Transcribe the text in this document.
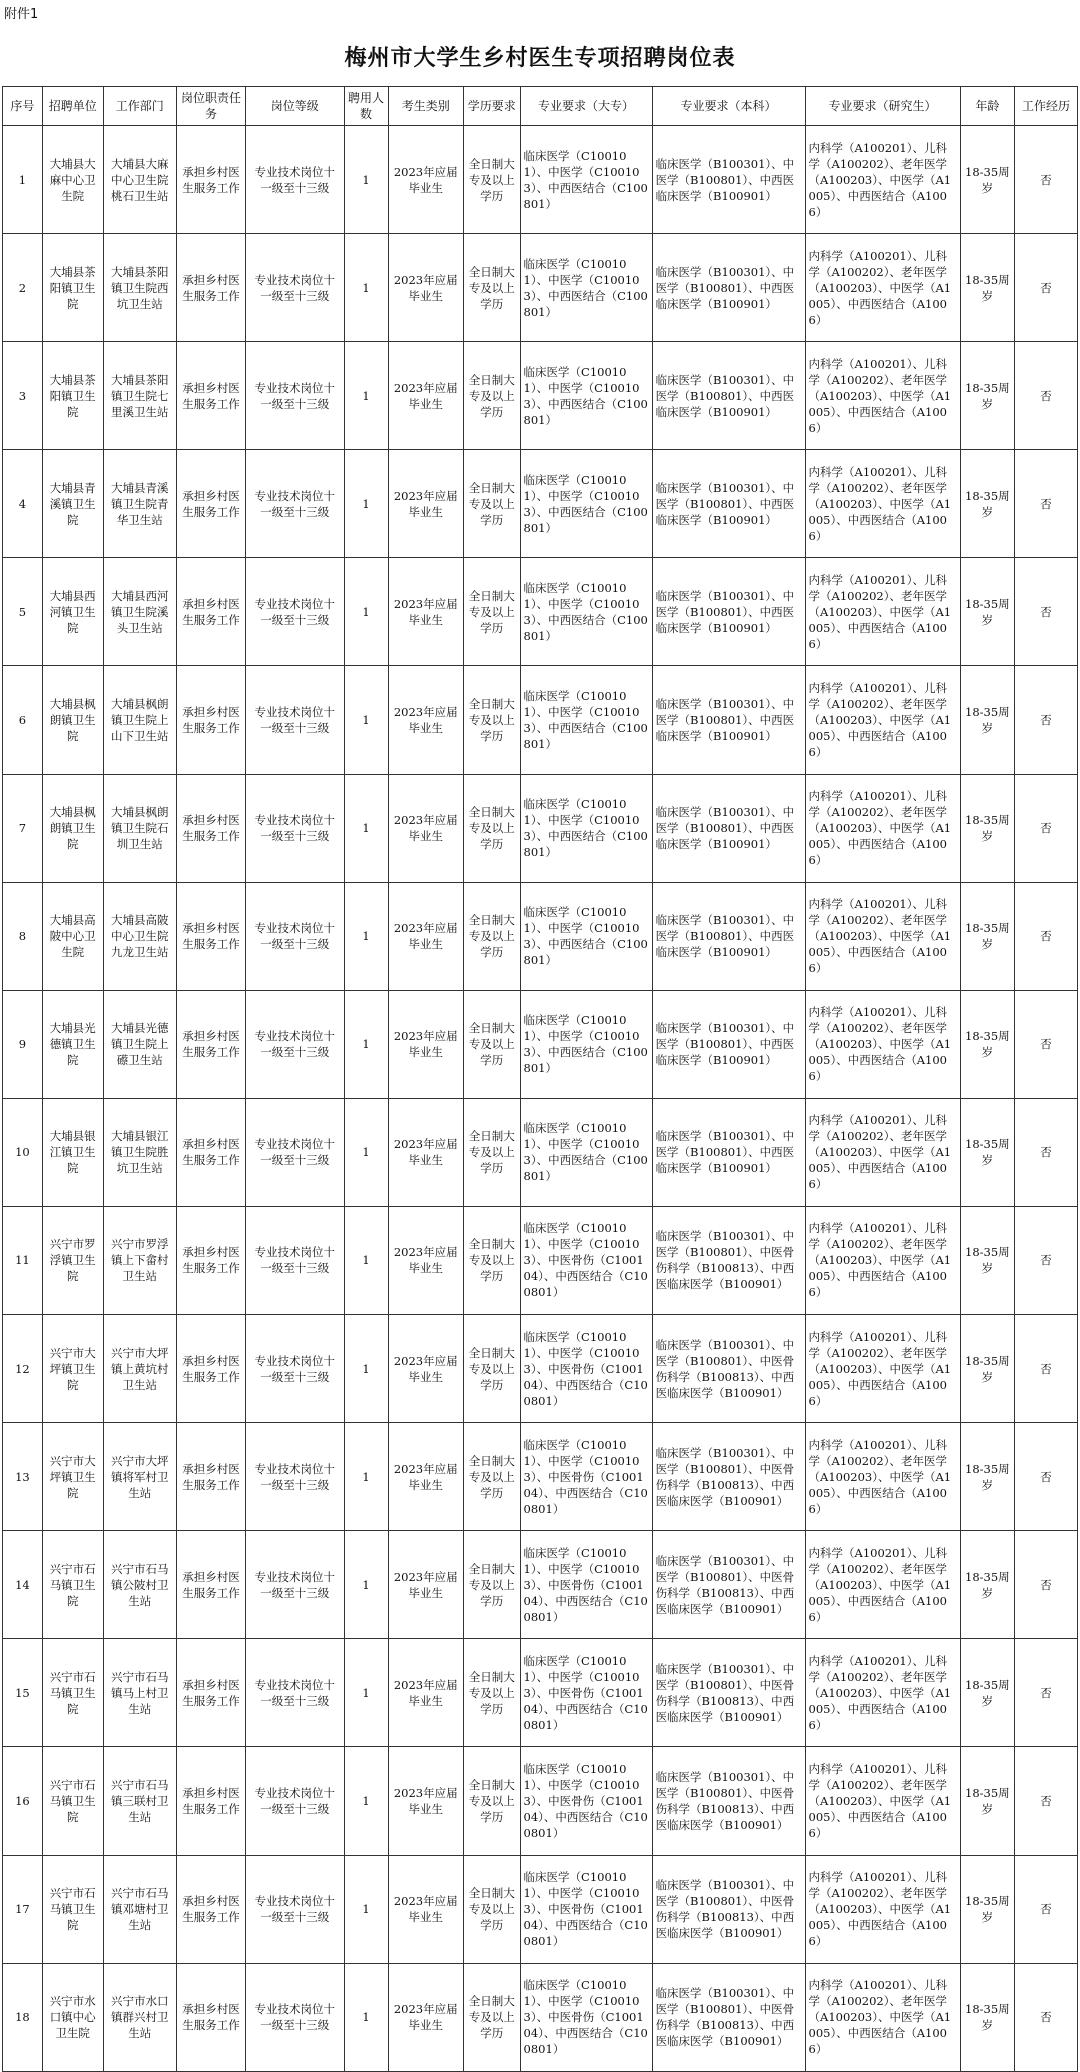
附件1
梅州市大学生乡村医生专项招聘岗位表
序号	招聘单位	工作部门	岗位职责任务	岗位等级	聘用人数	考生类别	学历要求	专业要求（大专）	专业要求（本科）	专业要求（研究生）	年龄	工作经历
1	大埔县大麻中心卫生院	大埔县大麻中心卫生院桃石卫生站	承担乡村医生服务工作	专业技术岗位十一级至十三级	1	2023年应届毕业生	全日制大专及以上学历	临床医学（C100101）、中医学（C100103）、中西医结合（C100801）	临床医学（B100301）、中医学（B100801）、中西医临床医学（B100901）	内科学（A100201）、儿科学（A100202）、老年医学（A100203）、中医学（A1005）、中西医结合（A1006）	18-35周岁	否
2	大埔县茶阳镇卫生院	大埔县茶阳镇卫生院西坑卫生站	承担乡村医生服务工作	专业技术岗位十一级至十三级	1	2023年应届毕业生	全日制大专及以上学历	临床医学（C100101）、中医学（C100103）、中西医结合（C100801）	临床医学（B100301）、中医学（B100801）、中西医临床医学（B100901）	内科学（A100201）、儿科学（A100202）、老年医学（A100203）、中医学（A1005）、中西医结合（A1006）	18-35周岁	否
3	大埔县茶阳镇卫生院	大埔县茶阳镇卫生院七里溪卫生站	承担乡村医生服务工作	专业技术岗位十一级至十三级	1	2023年应届毕业生	全日制大专及以上学历	临床医学（C100101）、中医学（C100103）、中西医结合（C100801）	临床医学（B100301）、中医学（B100801）、中西医临床医学（B100901）	内科学（A100201）、儿科学（A100202）、老年医学（A100203）、中医学（A1005）、中西医结合（A1006）	18-35周岁	否
4	大埔县青溪镇卫生院	大埔县青溪镇卫生院青华卫生站	承担乡村医生服务工作	专业技术岗位十一级至十三级	1	2023年应届毕业生	全日制大专及以上学历	临床医学（C100101）、中医学（C100103）、中西医结合（C100801）	临床医学（B100301）、中医学（B100801）、中西医临床医学（B100901）	内科学（A100201）、儿科学（A100202）、老年医学（A100203）、中医学（A1005）、中西医结合（A1006）	18-35周岁	否
5	大埔县西河镇卫生院	大埔县西河镇卫生院溪头卫生站	承担乡村医生服务工作	专业技术岗位十一级至十三级	1	2023年应届毕业生	全日制大专及以上学历	临床医学（C100101）、中医学（C100103）、中西医结合（C100801）	临床医学（B100301）、中医学（B100801）、中西医临床医学（B100901）	内科学（A100201）、儿科学（A100202）、老年医学（A100203）、中医学（A1005）、中西医结合（A1006）	18-35周岁	否
6	大埔县枫朗镇卫生院	大埔县枫朗镇卫生院上山下卫生站	承担乡村医生服务工作	专业技术岗位十一级至十三级	1	2023年应届毕业生	全日制大专及以上学历	临床医学（C100101）、中医学（C100103）、中西医结合（C100801）	临床医学（B100301）、中医学（B100801）、中西医临床医学（B100901）	内科学（A100201）、儿科学（A100202）、老年医学（A100203）、中医学（A1005）、中西医结合（A1006）	18-35周岁	否
7	大埔县枫朗镇卫生院	大埔县枫朗镇卫生院石圳卫生站	承担乡村医生服务工作	专业技术岗位十一级至十三级	1	2023年应届毕业生	全日制大专及以上学历	临床医学（C100101）、中医学（C100103）、中西医结合（C100801）	临床医学（B100301）、中医学（B100801）、中西医临床医学（B100901）	内科学（A100201）、儿科学（A100202）、老年医学（A100203）、中医学（A1005）、中西医结合（A1006）	18-35周岁	否
8	大埔县高陂中心卫生院	大埔县高陂中心卫生院九龙卫生站	承担乡村医生服务工作	专业技术岗位十一级至十三级	1	2023年应届毕业生	全日制大专及以上学历	临床医学（C100101）、中医学（C100103）、中西医结合（C100801）	临床医学（B100301）、中医学（B100801）、中西医临床医学（B100901）	内科学（A100201）、儿科学（A100202）、老年医学（A100203）、中医学（A1005）、中西医结合（A1006）	18-35周岁	否
9	大埔县光德镇卫生院	大埔县光德镇卫生院上礤卫生站	承担乡村医生服务工作	专业技术岗位十一级至十三级	1	2023年应届毕业生	全日制大专及以上学历	临床医学（C100101）、中医学（C100103）、中西医结合（C100801）	临床医学（B100301）、中医学（B100801）、中西医临床医学（B100901）	内科学（A100201）、儿科学（A100202）、老年医学（A100203）、中医学（A1005）、中西医结合（A1006）	18-35周岁	否
10	大埔县银江镇卫生院	大埔县银江镇卫生院胜坑卫生站	承担乡村医生服务工作	专业技术岗位十一级至十三级	1	2023年应届毕业生	全日制大专及以上学历	临床医学（C100101）、中医学（C100103）、中西医结合（C100801）	临床医学（B100301）、中医学（B100801）、中西医临床医学（B100901）	内科学（A100201）、儿科学（A100202）、老年医学（A100203）、中医学（A1005）、中西医结合（A1006）	18-35周岁	否
11	兴宁市罗浮镇卫生院	兴宁市罗浮镇上下畲村卫生站	承担乡村医生服务工作	专业技术岗位十一级至十三级	1	2023年应届毕业生	全日制大专及以上学历	临床医学（C100101）、中医学（C100103）、中医骨伤（C100104）、中西医结合（C100801）	临床医学（B100301）、中医学（B100801）、中医骨伤科学（B100813）、中西医临床医学（B100901）	内科学（A100201）、儿科学（A100202）、老年医学（A100203）、中医学（A1005）、中西医结合（A1006）	18-35周岁	否
12	兴宁市大坪镇卫生院	兴宁市大坪镇上黄坑村卫生站	承担乡村医生服务工作	专业技术岗位十一级至十三级	1	2023年应届毕业生	全日制大专及以上学历	临床医学（C100101）、中医学（C100103）、中医骨伤（C100104）、中西医结合（C100801）	临床医学（B100301）、中医学（B100801）、中医骨伤科学（B100813）、中西医临床医学（B100901）	内科学（A100201）、儿科学（A100202）、老年医学（A100203）、中医学（A1005）、中西医结合（A1006）	18-35周岁	否
13	兴宁市大坪镇卫生院	兴宁市大坪镇将军村卫生站	承担乡村医生服务工作	专业技术岗位十一级至十三级	1	2023年应届毕业生	全日制大专及以上学历	临床医学（C100101）、中医学（C100103）、中医骨伤（C100104）、中西医结合（C100801）	临床医学（B100301）、中医学（B100801）、中医骨伤科学（B100813）、中西医临床医学（B100901）	内科学（A100201）、儿科学（A100202）、老年医学（A100203）、中医学（A1005）、中西医结合（A1006）	18-35周岁	否
14	兴宁市石马镇卫生院	兴宁市石马镇公陂村卫生站	承担乡村医生服务工作	专业技术岗位十一级至十三级	1	2023年应届毕业生	全日制大专及以上学历	临床医学（C100101）、中医学（C100103）、中医骨伤（C100104）、中西医结合（C100801）	临床医学（B100301）、中医学（B100801）、中医骨伤科学（B100813）、中西医临床医学（B100901）	内科学（A100201）、儿科学（A100202）、老年医学（A100203）、中医学（A1005）、中西医结合（A1006）	18-35周岁	否
15	兴宁市石马镇卫生院	兴宁市石马镇马上村卫生站	承担乡村医生服务工作	专业技术岗位十一级至十三级	1	2023年应届毕业生	全日制大专及以上学历	临床医学（C100101）、中医学（C100103）、中医骨伤（C100104）、中西医结合（C100801）	临床医学（B100301）、中医学（B100801）、中医骨伤科学（B100813）、中西医临床医学（B100901）	内科学（A100201）、儿科学（A100202）、老年医学（A100203）、中医学（A1005）、中西医结合（A1006）	18-35周岁	否
16	兴宁市石马镇卫生院	兴宁市石马镇三联村卫生站	承担乡村医生服务工作	专业技术岗位十一级至十三级	1	2023年应届毕业生	全日制大专及以上学历	临床医学（C100101）、中医学（C100103）、中医骨伤（C100104）、中西医结合（C100801）	临床医学（B100301）、中医学（B100801）、中医骨伤科学（B100813）、中西医临床医学（B100901）	内科学（A100201）、儿科学（A100202）、老年医学（A100203）、中医学（A1005）、中西医结合（A1006）	18-35周岁	否
17	兴宁市石马镇卫生院	兴宁市石马镇邓塘村卫生站	承担乡村医生服务工作	专业技术岗位十一级至十三级	1	2023年应届毕业生	全日制大专及以上学历	临床医学（C100101）、中医学（C100103）、中医骨伤（C100104）、中西医结合（C100801）	临床医学（B100301）、中医学（B100801）、中医骨伤科学（B100813）、中西医临床医学（B100901）	内科学（A100201）、儿科学（A100202）、老年医学（A100203）、中医学（A1005）、中西医结合（A1006）	18-35周岁	否
18	兴宁市水口镇中心卫生院	兴宁市水口镇群兴村卫生站	承担乡村医生服务工作	专业技术岗位十一级至十三级	1	2023年应届毕业生	全日制大专及以上学历	临床医学（C100101）、中医学（C100103）、中医骨伤（C100104）、中西医结合（C100801）	临床医学（B100301）、中医学（B100801）、中医骨伤科学（B100813）、中西医临床医学（B100901）	内科学（A100201）、儿科学（A100202）、老年医学（A100203）、中医学（A1005）、中西医结合（A1006）	18-35周岁	否
